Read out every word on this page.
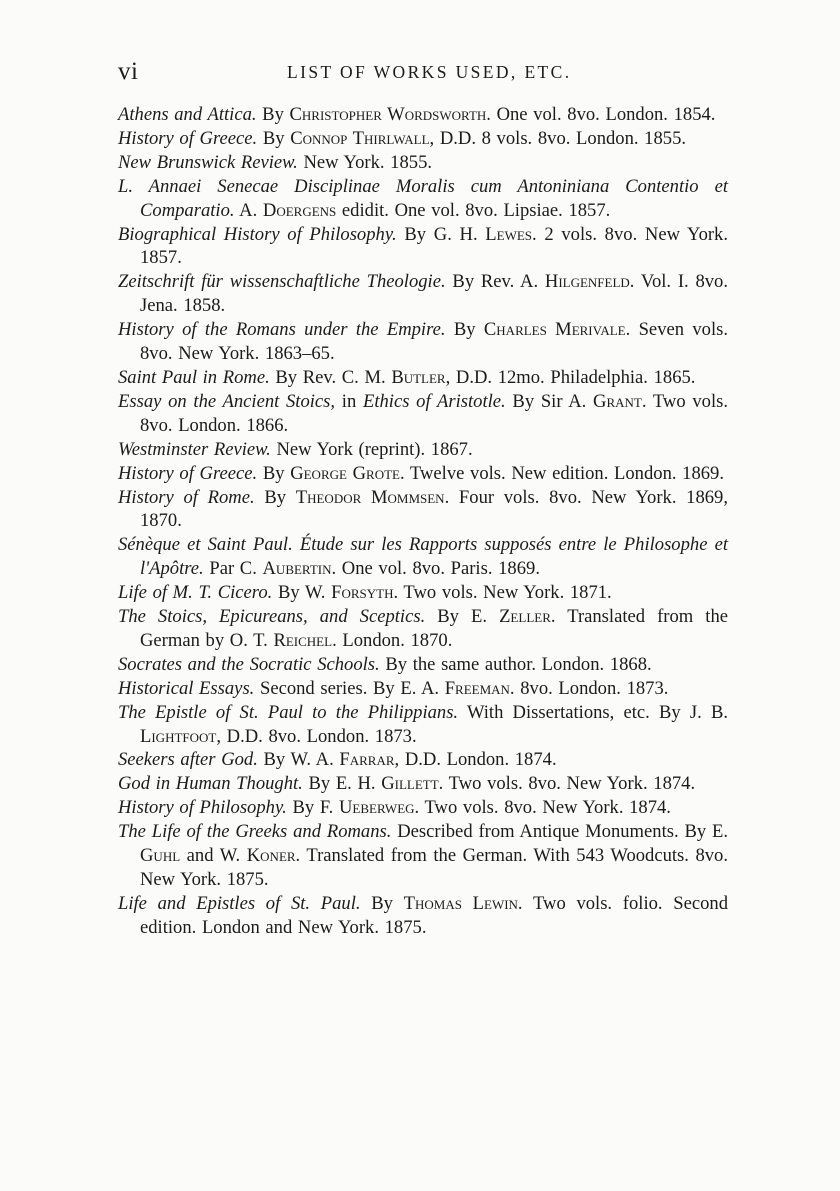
vi	LIST OF WORKS USED, ETC.
Athens and Attica. By Christopher Wordsworth. One vol. 8vo. London. 1854.
History of Greece. By Connop Thirlwall, D.D. 8 vols. 8vo. London. 1855.
New Brunswick Review. New York. 1855.
L. Annaei Senecae Disciplinae Moralis cum Antoniniana Contentio et Comparatio. A. Doergens edidit. One vol. 8vo. Lipsiae. 1857.
Biographical History of Philosophy. By G. H. Lewes. 2 vols. 8vo. New York. 1857.
Zeitschrift für wissenschaftliche Theologie. By Rev. A. Hilgenfeld. Vol. I. 8vo. Jena. 1858.
History of the Romans under the Empire. By Charles Merivale. Seven vols. 8vo. New York. 1863–65.
Saint Paul in Rome. By Rev. C. M. Butler, D.D. 12mo. Philadelphia. 1865.
Essay on the Ancient Stoics, in Ethics of Aristotle. By Sir A. Grant. Two vols. 8vo. London. 1866.
Westminster Review. New York (reprint). 1867.
History of Greece. By George Grote. Twelve vols. New edition. London. 1869.
History of Rome. By Theodor Mommsen. Four vols. 8vo. New York. 1869, 1870.
Sénèque et Saint Paul. Étude sur les Rapports supposés entre le Philosophe et l'Apôtre. Par C. Aubertin. One vol. 8vo. Paris. 1869.
Life of M. T. Cicero. By W. Forsyth. Two vols. New York. 1871.
The Stoics, Epicureans, and Sceptics. By E. Zeller. Translated from the German by O. T. Reichel. London. 1870.
Socrates and the Socratic Schools. By the same author. London. 1868.
Historical Essays. Second series. By E. A. Freeman. 8vo. London. 1873.
The Epistle of St. Paul to the Philippians. With Dissertations, etc. By J. B. Lightfoot, D.D. 8vo. London. 1873.
Seekers after God. By W. A. Farrar, D.D. London. 1874.
God in Human Thought. By E. H. Gillett. Two vols. 8vo. New York. 1874.
History of Philosophy. By F. Ueberweg. Two vols. 8vo. New York. 1874.
The Life of the Greeks and Romans. Described from Antique Monuments. By E. Guhl and W. Koner. Translated from the German. With 543 Woodcuts. 8vo. New York. 1875.
Life and Epistles of St. Paul. By Thomas Lewin. Two vols. folio. Second edition. London and New York. 1875.
